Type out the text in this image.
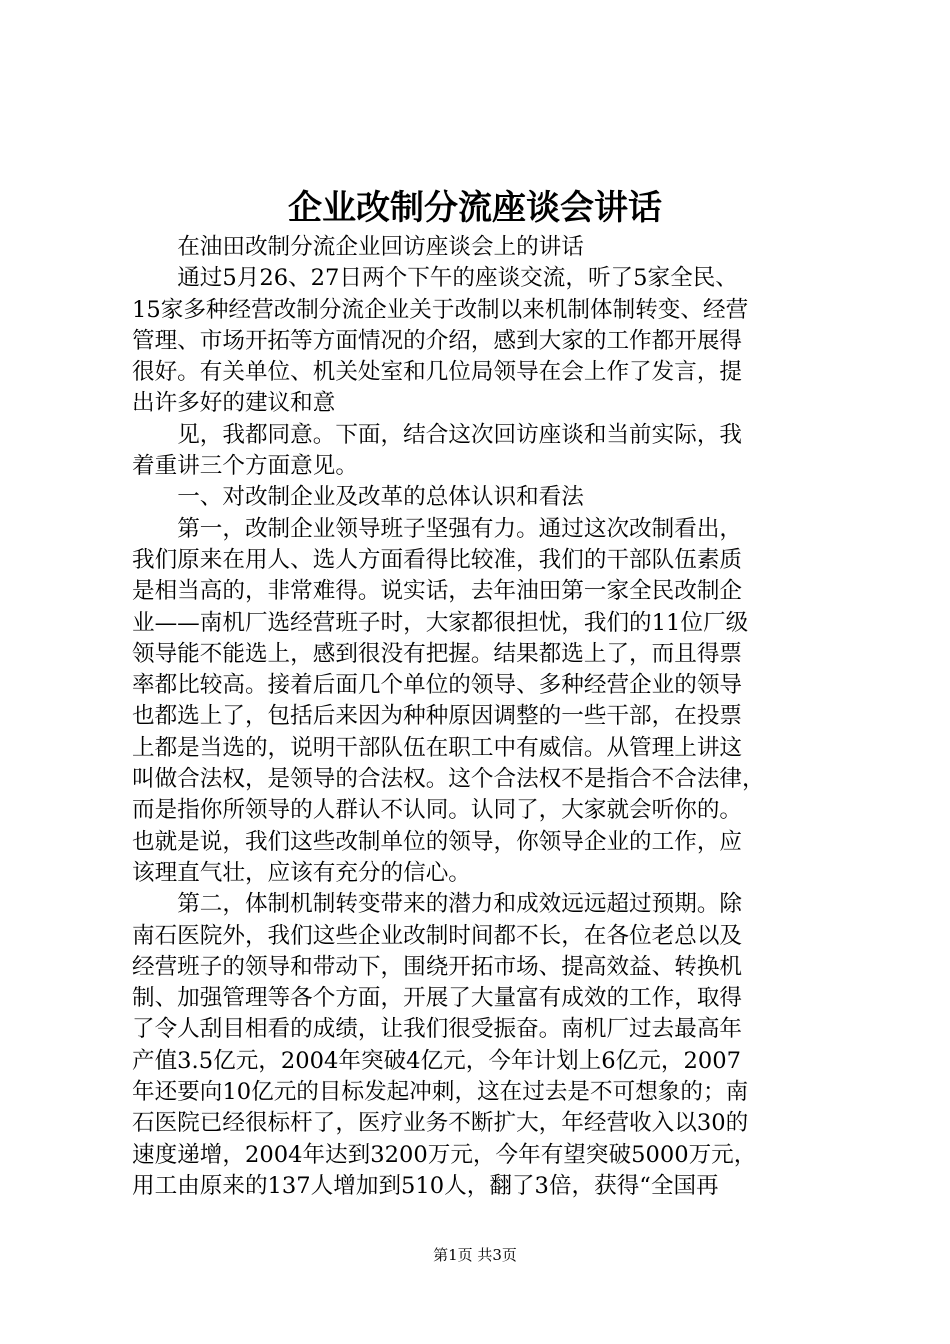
企业改制分流座谈会讲话
在油田改制分流企业回访座谈会上的讲话
通过5月26、27日两个下午的座谈交流，听了5家全民、
15家多种经营改制分流企业关于改制以来机制体制转变、经营
管理、市场开拓等方面情况的介绍，感到大家的工作都开展得
很好。有关单位、机关处室和几位局领导在会上作了发言，提
出许多好的建议和意
见，我都同意。下面，结合这次回访座谈和当前实际，我
着重讲三个方面意见。
一、对改制企业及改革的总体认识和看法
第一，改制企业领导班子坚强有力。通过这次改制看出，
我们原来在用人、选人方面看得比较准，我们的干部队伍素质
是相当高的，非常难得。说实话，去年油田第一家全民改制企
业——南机厂选经营班子时，大家都很担忧，我们的11位厂级
领导能不能选上，感到很没有把握。结果都选上了，而且得票
率都比较高。接着后面几个单位的领导、多种经营企业的领导
也都选上了，包括后来因为种种原因调整的一些干部，在投票
上都是当选的，说明干部队伍在职工中有威信。从管理上讲这
叫做合法权，是领导的合法权。这个合法权不是指合不合法律，
而是指你所领导的人群认不认同。认同了，大家就会听你的。
也就是说，我们这些改制单位的领导，你领导企业的工作，应
该理直气壮，应该有充分的信心。
第二，体制机制转变带来的潜力和成效远远超过预期。除
南石医院外，我们这些企业改制时间都不长，在各位老总以及
经营班子的领导和带动下，围绕开拓市场、提高效益、转换机
制、加强管理等各个方面，开展了大量富有成效的工作，取得
了令人刮目相看的成绩，让我们很受振奋。南机厂过去最高年
产值3.5亿元，2004年突破4亿元，今年计划上6亿元，2007
年还要向10亿元的目标发起冲刺，这在过去是不可想象的；南
石医院已经很标杆了，医疗业务不断扩大，年经营收入以30的
速度递增，2004年达到3200万元，今年有望突破5000万元，
用工由原来的137人增加到510人，翻了3倍，获得“全国再
第1页 共3页
